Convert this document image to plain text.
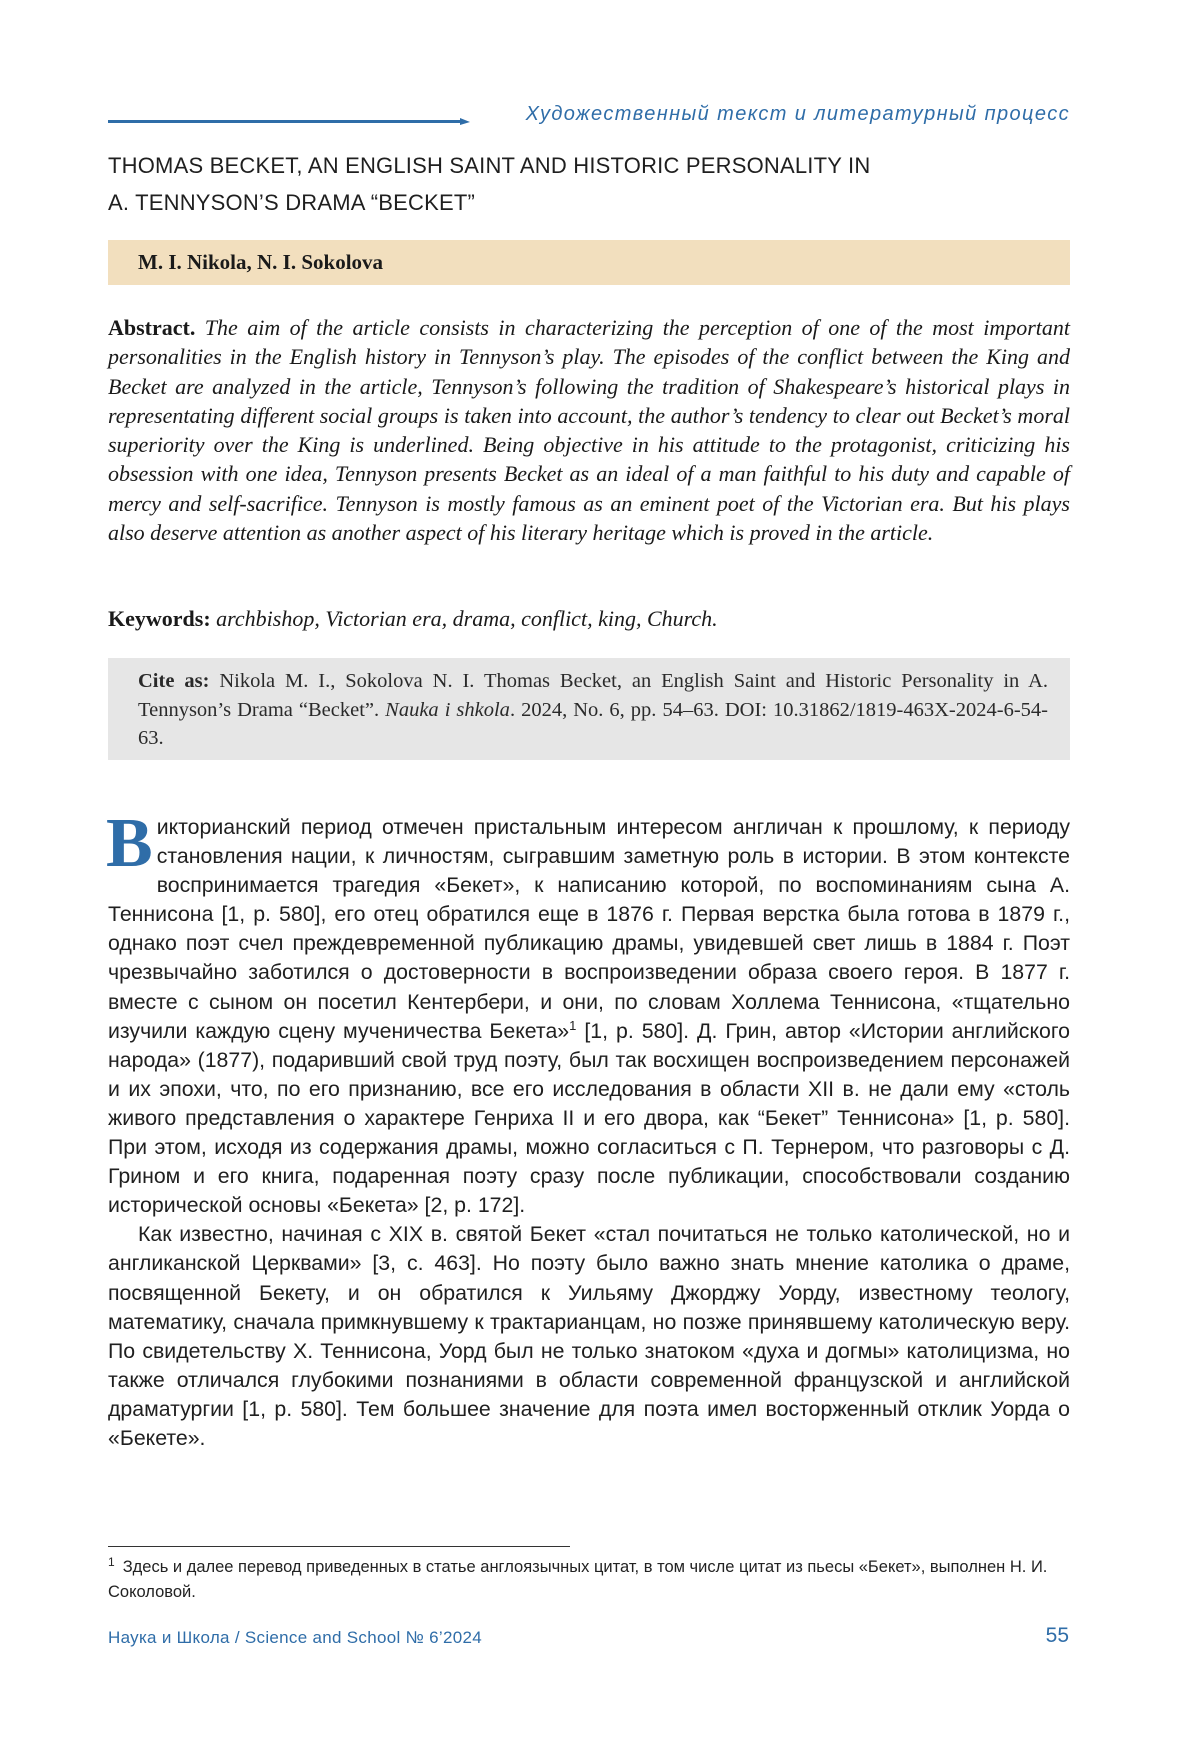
Художественный текст и литературный процесс
THOMAS BECKET, AN ENGLISH SAINT AND HISTORIC PERSONALITY IN
A. TENNYSON’S DRAMA “BECKET”
M. I. Nikola, N. I. Sokolova
Abstract. The aim of the article consists in characterizing the perception of one of the most important personalities in the English history in Tennyson’s play. The episodes of the conflict between the King and Becket are analyzed in the article, Tennyson’s following the tradition of Shakespeare’s historical plays in representating different social groups is taken into account, the author’s tendency to clear out Becket’s moral superiority over the King is underlined. Being objective in his attitude to the protagonist, criticizing his obsession with one idea, Tennyson presents Becket as an ideal of a man faithful to his duty and capable of mercy and self-sacrifice. Tennyson is mostly famous as an eminent poet of the Victorian era. But his plays also deserve attention as another aspect of his literary heritage which is proved in the article.
Keywords: archbishop, Victorian era, drama, conflict, king, Church.
Cite as: Nikola M. I., Sokolova N. I. Thomas Becket, an English Saint and Historic Personality in A. Tennyson’s Drama “Becket”. Nauka i shkola. 2024, No. 6, pp. 54–63. DOI: 10.31862/1819-463X-2024-6-54-63.

Викторианский период отмечен пристальным интересом англичан к прошлому, к периоду становления нации, к личностям, сыгравшим заметную роль в истории. В этом контексте воспринимается трагедия «Бекет», к написанию которой, по воспоминаниям сына А. Теннисона [1, p. 580], его отец обратился еще в 1876 г. Первая верстка была готова в 1879 г., однако поэт счел преждевременной публикацию драмы, увидевшей свет лишь в 1884 г. Поэт чрезвычайно заботился о достоверности в воспроизведении образа своего героя. В 1877 г. вместе с сыном он посетил Кентербери, и они, по словам Холлема Теннисона, «тщательно изучили каждую сцену мученичества Бекета»$^1$ [1, p. 580]. Д. Грин, автор «Истории английского народа» (1877), подаривший свой труд поэту, был так восхищен воспроизведением персонажей и их эпохи, что, по его признанию, все его исследования в области XII в. не дали ему «столь живого представления о характере Генриха II и его двора, как “Бекет” Теннисона» [1, p. 580]. При этом, исходя из содержания драмы, можно согласиться с П. Тернером, что разговоры с Д. Грином и его книга, подаренная поэту сразу после публикации, способствовали созданию исторической основы «Бекета» [2, p. 172].

Как известно, начиная с XIX в. святой Бекет «стал почитаться не только католической, но и англиканской Церквами» [3, с. 463]. Но поэту было важно знать мнение католика о драме, посвященной Бекету, и он обратился к Уильяму Джорджу Уорду, известному теологу, математику, сначала примкнувшему к трактарианцам, но позже принявшему католическую веру. По свидетельству Х. Теннисона, Уорд был не только знатоком «духа и догмы» католицизма, но также отличался глубокими познаниями в области современной французской и английской драматургии [1, p. 580]. Тем большее значение для поэта имел восторженный отклик Уорда о «Бекете».

$^1$ Здесь и далее перевод приведенных в статье англоязычных цитат, в том числе цитат из пьесы «Бекет», выполнен Н. И. Соколовой.
Наука и Школа / Science and School № 6’2024	55
